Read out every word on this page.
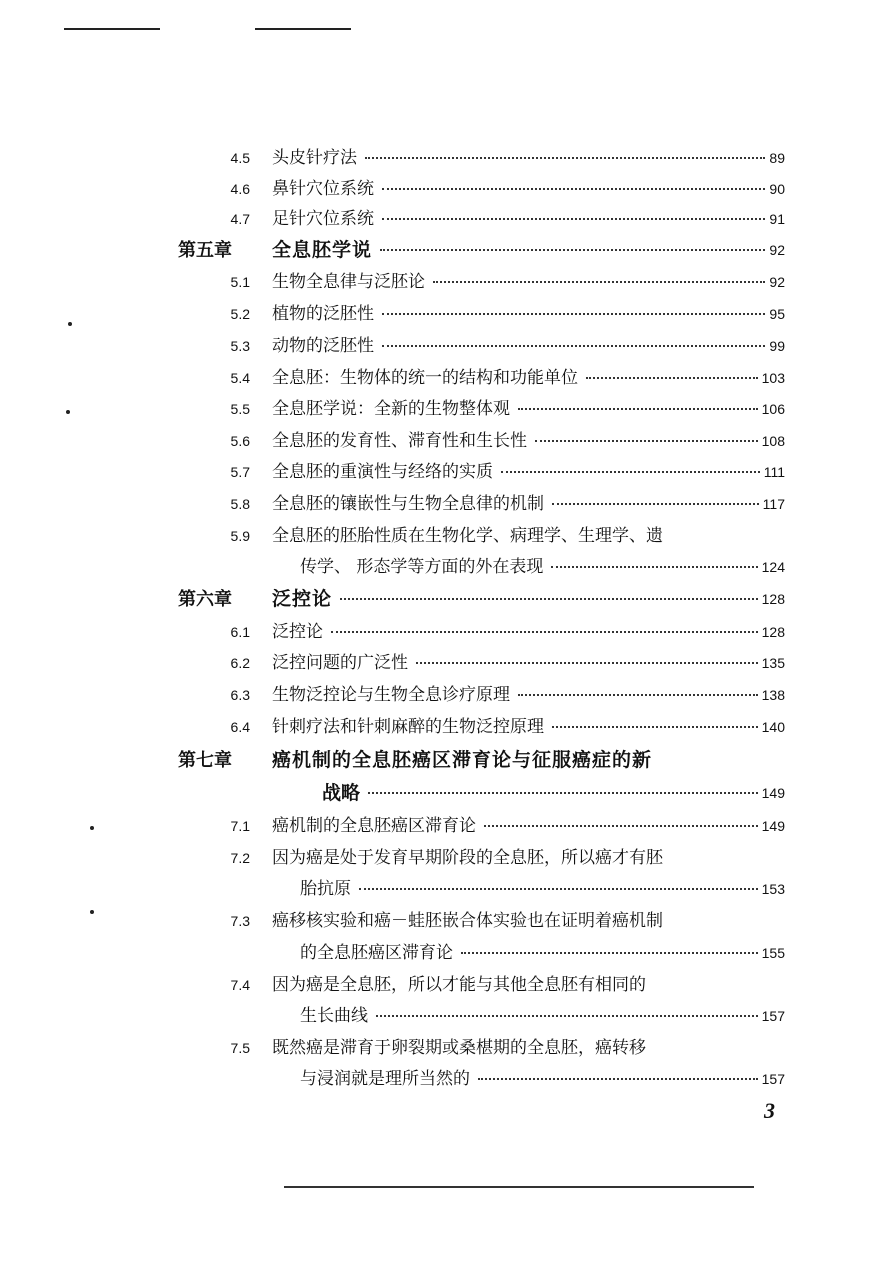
4.5 头皮针疗法	89
4.6 鼻针穴位系统	90
4.7 足针穴位系统	91
第五章 全息胚学说	92
5.1 生物全息律与泛胚论	92
5.2 植物的泛胚性	95
5.3 动物的泛胚性	99
5.4 全息胚：生物体的统一的结构和功能单位	103
5.5 全息胚学说：全新的生物整体观	106
5.6 全息胚的发育性、滞育性和生长性	108
5.7 全息胚的重演性与经络的实质	111
5.8 全息胚的镶嵌性与生物全息律的机制	117
5.9 全息胚的胚胎性质在生物化学、病理学、生理学、遗
传学、 形态学等方面的外在表现	124
第六章 泛控论	128
6.1 泛控论	128
6.2 泛控问题的广泛性	135
6.3 生物泛控论与生物全息诊疗原理	138
6.4 针刺疗法和针刺麻醉的生物泛控原理	140
第七章 癌机制的全息胚癌区滞育论与征服癌症的新
战略	149
7.1 癌机制的全息胚癌区滞育论	149
7.2 因为癌是处于发育早期阶段的全息胚，所以癌才有胚
胎抗原	153
7.3 癌移核实验和癌－蛙胚嵌合体实验也在证明着癌机制
的全息胚癌区滞育论	155
7.4 因为癌是全息胚，所以才能与其他全息胚有相同的
生长曲线	157
7.5 既然癌是滞育于卵裂期或桑椹期的全息胚，癌转移
与浸润就是理所当然的	157
3
